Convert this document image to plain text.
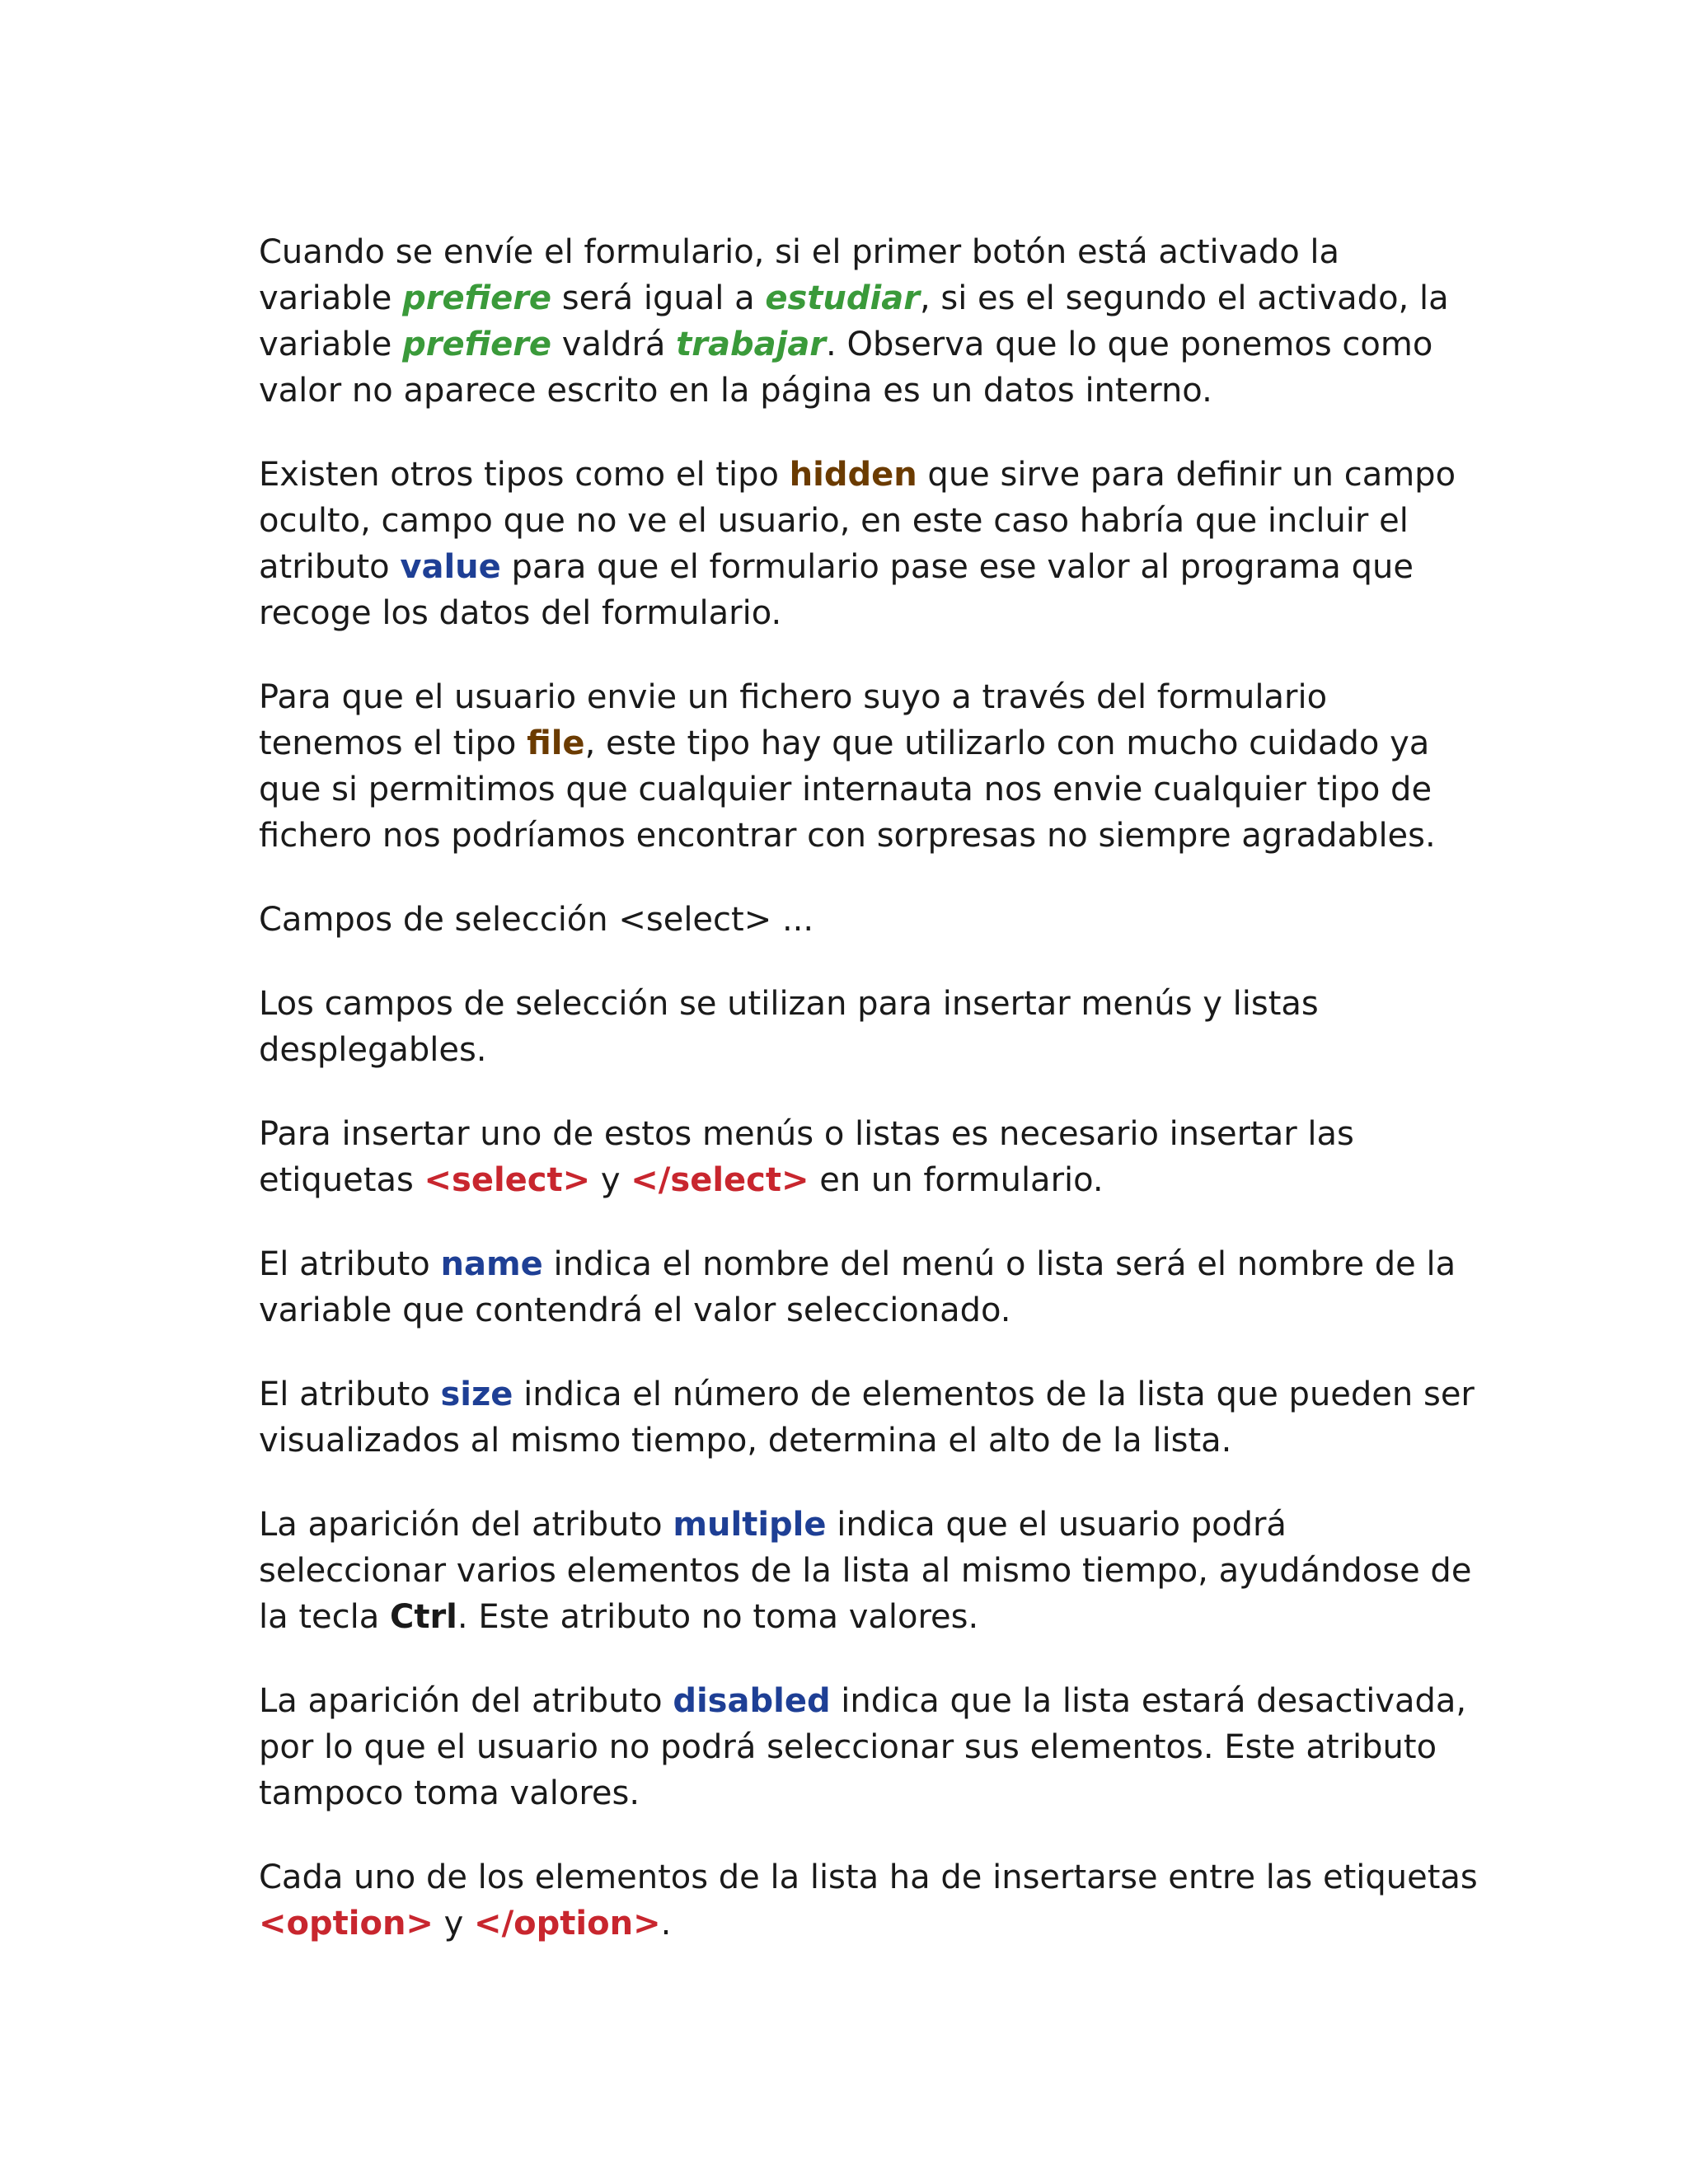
Cuando se envíe el formulario, si el primer botón está activado la variable prefiere será igual a estudiar, si es el segundo el activado, la variable prefiere valdrá trabajar. Observa que lo que ponemos como valor no aparece escrito en la página es un datos interno.

Existen otros tipos como el tipo hidden que sirve para definir un campo oculto, campo que no ve el usuario, en este caso habría que incluir el atributo value para que el formulario pase ese valor al programa que recoge los datos del formulario.

Para que el usuario envie un fichero suyo a través del formulario tenemos el tipo file, este tipo hay que utilizarlo con mucho cuidado ya que si permitimos que cualquier internauta nos envie cualquier tipo de fichero nos podríamos encontrar con sorpresas no siempre agradables.

Campos de selección <select> ...

Los campos de selección se utilizan para insertar menús y listas desplegables.

Para insertar uno de estos menús o listas es necesario insertar las etiquetas <select> y </select> en un formulario.

El atributo name indica el nombre del menú o lista será el nombre de la variable que contendrá el valor seleccionado.

El atributo size indica el número de elementos de la lista que pueden ser visualizados al mismo tiempo, determina el alto de la lista.

La aparición del atributo multiple indica que el usuario podrá seleccionar varios elementos de la lista al mismo tiempo, ayudándose de la tecla Ctrl. Este atributo no toma valores.

La aparición del atributo disabled indica que la lista estará desactivada, por lo que el usuario no podrá seleccionar sus elementos. Este atributo tampoco toma valores.

Cada uno de los elementos de la lista ha de insertarse entre las etiquetas <option> y </option>.
